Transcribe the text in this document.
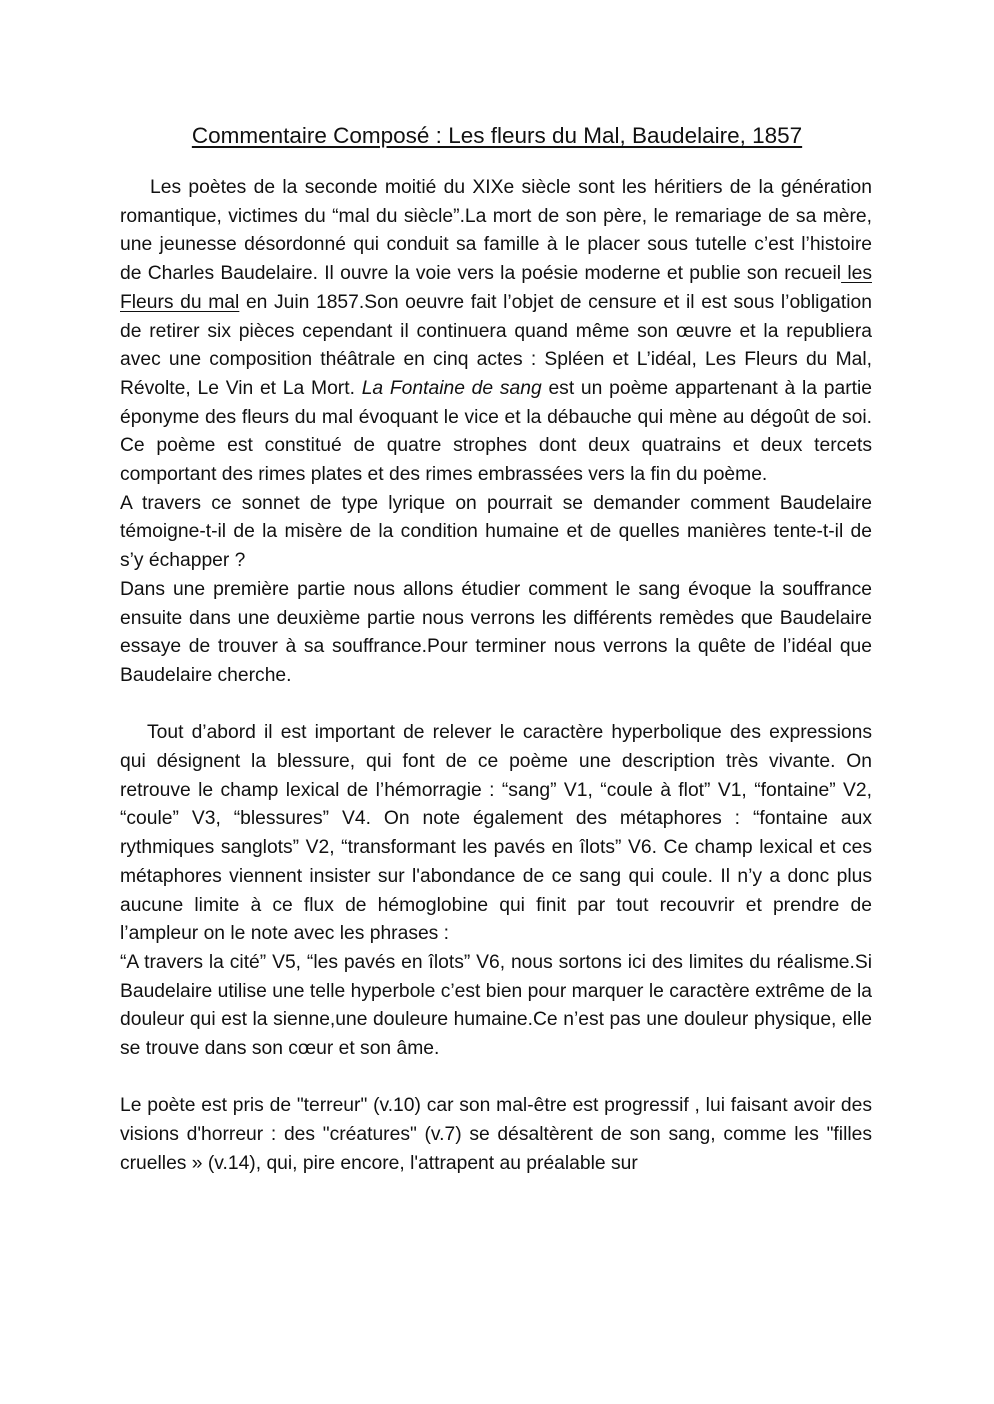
Commentaire Composé : Les fleurs du Mal, Baudelaire, 1857

Les poètes de la seconde moitié du XIXe siècle sont les héritiers de la génération romantique, victimes du “mal du siècle”.La mort de son père, le remariage de sa mère, une jeunesse désordonné qui conduit sa famille à le placer sous tutelle c’est l’histoire de Charles Baudelaire. Il ouvre la voie vers la poésie moderne et publie son recueil les Fleurs du mal en Juin 1857.Son oeuvre fait l’objet de censure et il est sous l’obligation de retirer six pièces cependant il continuera quand même son œuvre et la republiera avec une composition théâtrale en cinq actes : Spléen et L’idéal, Les Fleurs du Mal, Révolte, Le Vin et La Mort. La Fontaine de sang est un poème appartenant à la partie éponyme des fleurs du mal évoquant le vice et la débauche qui mène au dégoût de soi. Ce poème est constitué de quatre strophes dont deux quatrains et deux tercets comportant des rimes plates et des rimes embrassées vers la fin du poème.

A travers ce sonnet de type lyrique on pourrait se demander comment Baudelaire témoigne-t-il de la misère de la condition humaine et de quelles manières tente-t-il de s’y échapper ?

Dans une première partie nous allons étudier comment le sang évoque la souffrance ensuite dans une deuxième partie nous verrons les différents remèdes que Baudelaire essaye de trouver à sa souffrance.Pour terminer nous verrons la quête de l’idéal que Baudelaire cherche.

Tout d’abord il est important de relever le caractère hyperbolique des expressions qui désignent la blessure, qui font de ce poème une description très vivante. On retrouve le champ lexical de l’hémorragie : “sang” V1, “coule à flot” V1, “fontaine” V2, “coule” V3, “blessures” V4. On note également des métaphores : “fontaine aux rythmiques sanglots” V2, “transformant les pavés en îlots” V6. Ce champ lexical et ces métaphores viennent insister sur l'abondance de ce sang qui coule. Il n’y a donc plus aucune limite à ce flux de hémoglobine qui finit par tout recouvrir et prendre de l’ampleur on le note avec les phrases :

“A travers la cité” V5, “les pavés en îlots” V6, nous sortons ici des limites du réalisme.Si Baudelaire utilise une telle hyperbole c’est bien pour marquer le caractère extrême de la douleur qui est la sienne,une douleure humaine.Ce n’est pas une douleur physique, elle se trouve dans son cœur et son âme.

Le poète est pris de "terreur" (v.10) car son mal-être est progressif , lui faisant avoir des visions d'horreur : des "créatures" (v.7) se désaltèrent de son sang, comme les "filles cruelles » (v.14), qui, pire encore, l'attrapent au préalable sur
